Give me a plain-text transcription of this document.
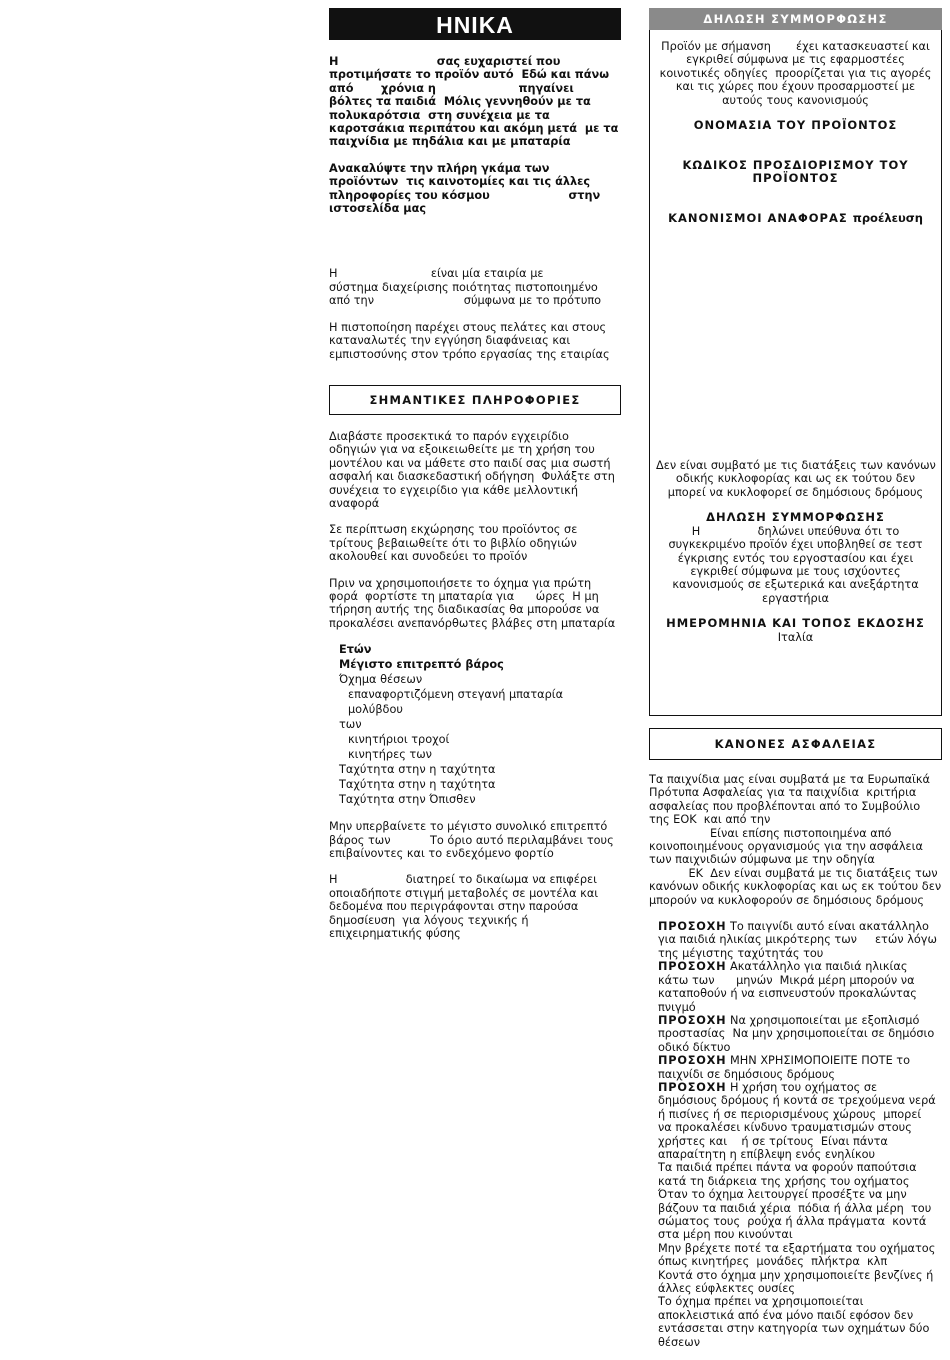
ΗΝΙΚΑ
Η                         σας ευχαριστεί που
προτιμήσατε το προϊόν αυτό  Εδώ και πάνω
από       χρόνια η                     πηγαίνει
βόλτες τα παιδιά  Μόλις γεννηθούν με τα
πολυκαρότσια  στη συνέχεια με τα
καροτσάκια περιπάτου και ακόμη μετά  με τα
παιχνίδια με πηδάλια και με μπαταρία
Ανακαλύψτε την πλήρη γκάμα των
προϊόντων  τις καινοτομίες και τις άλλες
πληροφορίες του κόσμου                    στην
ιστοσελίδα μας
Η                          είναι μία εταιρία με
σύστημα διαχείρισης ποιότητας πιστοποιημένο
από την                         σύμφωνα με το πρότυπο
Η πιστοποίηση παρέχει στους πελάτες και στους
καταναλωτές την εγγύηση διαφάνειας και
εμπιστοσύνης στον τρόπο εργασίας της εταιρίας
ΣΗΜΑΝΤΙΚΕΣ ΠΛΗΡΟΦΟΡΙΕΣ
Διαβάστε προσεκτικά το παρόν εγχειρίδιο
οδηγιών για να εξοικειωθείτε με τη χρήση του
μοντέλου και να μάθετε στο παιδί σας μια σωστή
ασφαλή και διασκεδαστική οδήγηση  Φυλάξτε στη
συνέχεια το εγχειρίδιο για κάθε μελλοντική
αναφορά
Σε περίπτωση εκχώρησης του προϊόντος σε
τρίτους βεβαιωθείτε ότι το βιβλίο οδηγιών
ακολουθεί και συνοδεύει το προϊόν
Πριν να χρησιμοποιήσετε το όχημα για πρώτη
φορά  φορτίστε τη μπαταρία για      ώρες  Η μη
τήρηση αυτής της διαδικασίας θα μπορούσε να
προκαλέσει ανεπανόρθωτες βλάβες στη μπαταρία
Ετών
Μέγιστο επιτρεπτό βάρος
Όχημα θέσεων
επαναφορτιζόμενη στεγανή μπαταρία μολύβδου
των
κινητήριοι τροχοί
κινητήρες των
Ταχύτητα στην η ταχύτητα
Ταχύτητα στην η ταχύτητα
Ταχύτητα στην Όπισθεν
Μην υπερβαίνετε το μέγιστο συνολικό επιτρεπτό
βάρος των           Το όριο αυτό περιλαμβάνει τους
επιβαίνοντες και το ενδεχόμενο φορτίο
Η                   διατηρεί το δικαίωμα να επιφέρει
οποιαδήποτε στιγμή μεταβολές σε μοντέλα και
δεδομένα που περιγράφονται στην παρούσα
δημοσίευση  για λόγους τεχνικής ή
επιχειρηματικής φύσης
ΔΗΛΩΣΗ ΣΥΜΜΟΡΦΩΣΗΣ
Προϊόν με σήμανση       έχει κατασκευαστεί και
εγκριθεί σύμφωνα με τις εφαρμοστέες
κοινοτικές οδηγίες  προορίζεται για τις αγορές
και τις χώρες που έχουν προσαρμοστεί με
αυτούς τους κανονισμούς
ΟΝΟΜΑΣΙΑ ΤΟΥ ΠΡΟΪΟΝΤΟΣ
ΚΩΔΙΚΟΣ ΠΡΟΣΔΙΟΡΙΣΜΟΥ ΤΟΥ ΠΡΟΪΟΝΤΟΣ
ΚΑΝΟΝΙΣΜΟΙ ΑΝΑΦΟΡΑΣ προέλευση
Δεν είναι συμβατό με τις διατάξεις των κανόνων
οδικής κυκλοφορίας και ως εκ τούτου δεν
μπορεί να κυκλοφορεί σε δημόσιους δρόμους
ΔΗΛΩΣΗ ΣΥΜΜΟΡΦΩΣΗΣ
Η                δηλώνει υπεύθυνα ότι το
συγκεκριμένο προϊόν έχει υποβληθεί σε τεστ
έγκρισης εντός του εργοστασίου και έχει
εγκριθεί σύμφωνα με τους ισχύοντες
κανονισμούς σε εξωτερικά και ανεξάρτητα
εργαστήρια
ΗΜΕΡΟΜΗΝΙΑ ΚΑΙ ΤΟΠΟΣ ΕΚΔΟΣΗΣ
Ιταλία
ΚΑΝΟΝΕΣ ΑΣΦΑΛΕΙΑΣ
Τα παιχνίδια μας είναι συμβατά με τα Ευρωπαϊκά
Πρότυπα Ασφαλείας για τα παιχνίδια  κριτήρια
ασφαλείας που προβλέπονται από το Συμβούλιο
της ΕΟΚ  και από την
Είναι επίσης πιστοποιημένα από
κοινοποιημένους οργανισμούς για την ασφάλεια
των παιχνιδιών σύμφωνα με την οδηγία
ΕΚ  Δεν είναι συμβατά με τις διατάξεις των
κανόνων οδικής κυκλοφορίας και ως εκ τούτου δεν
μπορούν να κυκλοφορούν σε δημόσιους δρόμους
ΠΡΟΣΟΧΗ Το παιγνίδι αυτό είναι ακατάλληλο
για παιδιά ηλικίας μικρότερης των     ετών λόγω
της μέγιστης ταχύτητάς του
ΠΡΟΣΟΧΗ Ακατάλληλο για παιδιά ηλικίας
κάτω των      μηνών  Μικρά μέρη μπορούν να
καταποθούν ή να εισπνευστούν προκαλώντας
πνιγμό
ΠΡΟΣΟΧΗ Να χρησιμοποιείται με εξοπλισμό
προστασίας  Να μην χρησιμοποιείται σε δημόσιο
οδικό δίκτυο
ΠΡΟΣΟΧΗ ΜΗΝ ΧΡΗΣΙΜΟΠΟΙΕΙΤΕ ΠΟΤΕ το
παιχνίδι σε δημόσιους δρόμους
ΠΡΟΣΟΧΗ Η χρήση του οχήματος σε
δημόσιους δρόμους ή κοντά σε τρεχούμενα νερά
ή πισίνες ή σε περιορισμένους χώρους  μπορεί
να προκαλέσει κίνδυνο τραυματισμών στους
χρήστες και    ή σε τρίτους  Είναι πάντα
απαραίτητη η επίβλεψη ενός ενηλίκου
Τα παιδιά πρέπει πάντα να φορούν παπούτσια
κατά τη διάρκεια της χρήσης του οχήματος
Όταν το όχημα λειτουργεί προσέξτε να μην
βάζουν τα παιδιά χέρια  πόδια ή άλλα μέρη  του
σώματος τους  ρούχα ή άλλα πράγματα  κοντά
στα μέρη που κινούνται
Μην βρέχετε ποτέ τα εξαρτήματα του οχήματος
όπως κινητήρες  μονάδες  πλήκτρα  κλπ
Κοντά στο όχημα μην χρησιμοποιείτε βενζίνες ή
άλλες εύφλεκτες ουσίες
Το όχημα πρέπει να χρησιμοποιείται
αποκλειστικά από ένα μόνο παιδί εφόσον δεν
εντάσσεται στην κατηγορία των οχημάτων δύο
θέσεων
